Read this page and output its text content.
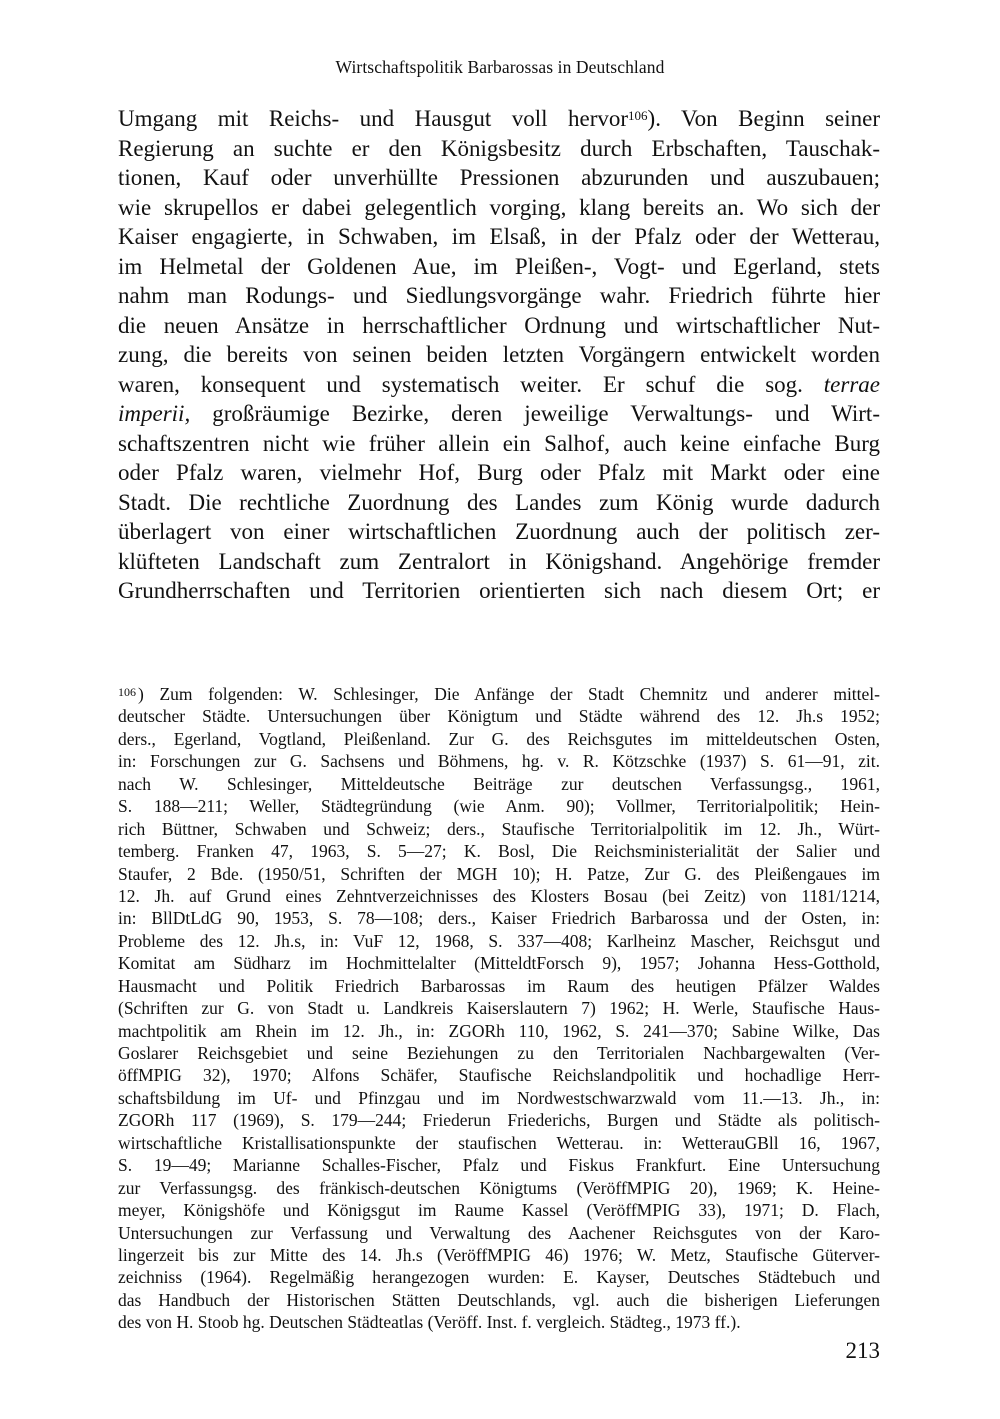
Wirtschaftspolitik Barbarossas in Deutschland
Umgang mit Reichs- und Hausgut voll hervor$^{106}$). Von Beginn seiner
Regierung an suchte er den Königsbesitz durch Erbschaften, Tauschak-
tionen, Kauf oder unverhüllte Pressionen abzurunden und auszubauen;
wie skrupellos er dabei gelegentlich vorging, klang bereits an. Wo sich der
Kaiser engagierte, in Schwaben, im Elsaß, in der Pfalz oder der Wetterau,
im Helmetal der Goldenen Aue, im Pleißen-, Vogt- und Egerland, stets
nahm man Rodungs- und Siedlungsvorgänge wahr. Friedrich führte hier
die neuen Ansätze in herrschaftlicher Ordnung und wirtschaftlicher Nut-
zung, die bereits von seinen beiden letzten Vorgängern entwickelt worden
waren, konsequent und systematisch weiter. Er schuf die sog. terrae
imperii, großräumige Bezirke, deren jeweilige Verwaltungs- und Wirt-
schaftszentren nicht wie früher allein ein Salhof, auch keine einfache Burg
oder Pfalz waren, vielmehr Hof, Burg oder Pfalz mit Markt oder eine
Stadt. Die rechtliche Zuordnung des Landes zum König wurde dadurch
überlagert von einer wirtschaftlichen Zuordnung auch der politisch zer-
klüfteten Landschaft zum Zentralort in Königshand. Angehörige fremder
Grundherrschaften und Territorien orientierten sich nach diesem Ort; er
$^{106}$ ) Zum folgenden: W. Schlesinger, Die Anfänge der Stadt Chemnitz und anderer mittel-
deutscher Städte. Untersuchungen über Königtum und Städte während des 12. Jh.s 1952;
ders., Egerland, Vogtland, Pleißenland. Zur G. des Reichsgutes im mitteldeutschen Osten,
in: Forschungen zur G. Sachsens und Böhmens, hg. v. R. Kötzschke (1937) S. 61—91, zit.
nach W. Schlesinger, Mitteldeutsche Beiträge zur deutschen Verfassungsg., 1961,
S. 188—211; Weller, Städtegründung (wie Anm. 90); Vollmer, Territorialpolitik; Hein-
rich Büttner, Schwaben und Schweiz; ders., Staufische Territorialpolitik im 12. Jh., Würt-
temberg. Franken 47, 1963, S. 5—27; K. Bosl, Die Reichsministerialität der Salier und
Staufer, 2 Bde. (1950/51, Schriften der MGH 10); H. Patze, Zur G. des Pleißengaues im
12. Jh. auf Grund eines Zehntverzeichnisses des Klosters Bosau (bei Zeitz) von 1181/1214,
in: BllDtLdG 90, 1953, S. 78—108; ders., Kaiser Friedrich Barbarossa und der Osten, in:
Probleme des 12. Jh.s, in: VuF 12, 1968, S. 337—408; Karlheinz Mascher, Reichsgut und
Komitat am Südharz im Hochmittelalter (MitteldtForsch 9), 1957; Johanna Hess-Gotthold,
Hausmacht und Politik Friedrich Barbarossas im Raum des heutigen Pfälzer Waldes
(Schriften zur G. von Stadt u. Landkreis Kaiserslautern 7) 1962; H. Werle, Staufische Haus-
machtpolitik am Rhein im 12. Jh., in: ZGORh 110, 1962, S. 241—370; Sabine Wilke, Das
Goslarer Reichsgebiet und seine Beziehungen zu den Territorialen Nachbargewalten (Ver-
öffMPIG 32), 1970; Alfons Schäfer, Staufische Reichslandpolitik und hochadlige Herr-
schaftsbildung im Uf- und Pfinzgau und im Nordwestschwarzwald vom 11.—13. Jh., in:
ZGORh 117 (1969), S. 179—244; Friederun Friederichs, Burgen und Städte als politisch-
wirtschaftliche Kristallisationspunkte der staufischen Wetterau. in: WetterauGBll 16, 1967,
S. 19—49; Marianne Schalles-Fischer, Pfalz und Fiskus Frankfurt. Eine Untersuchung
zur Verfassungsg. des fränkisch-deutschen Königtums (VeröffMPIG 20), 1969; K. Heine-
meyer, Königshöfe und Königsgut im Raume Kassel (VeröffMPIG 33), 1971; D. Flach,
Untersuchungen zur Verfassung und Verwaltung des Aachener Reichsgutes von der Karo-
lingerzeit bis zur Mitte des 14. Jh.s (VeröffMPIG 46) 1976; W. Metz, Staufische Güterver-
zeichniss (1964). Regelmäßig herangezogen wurden: E. Kayser, Deutsches Städtebuch und
das Handbuch der Historischen Stätten Deutschlands, vgl. auch die bisherigen Lieferungen
des von H. Stoob hg. Deutschen Städteatlas (Veröff. Inst. f. vergleich. Städteg., 1973 ff.).
213
